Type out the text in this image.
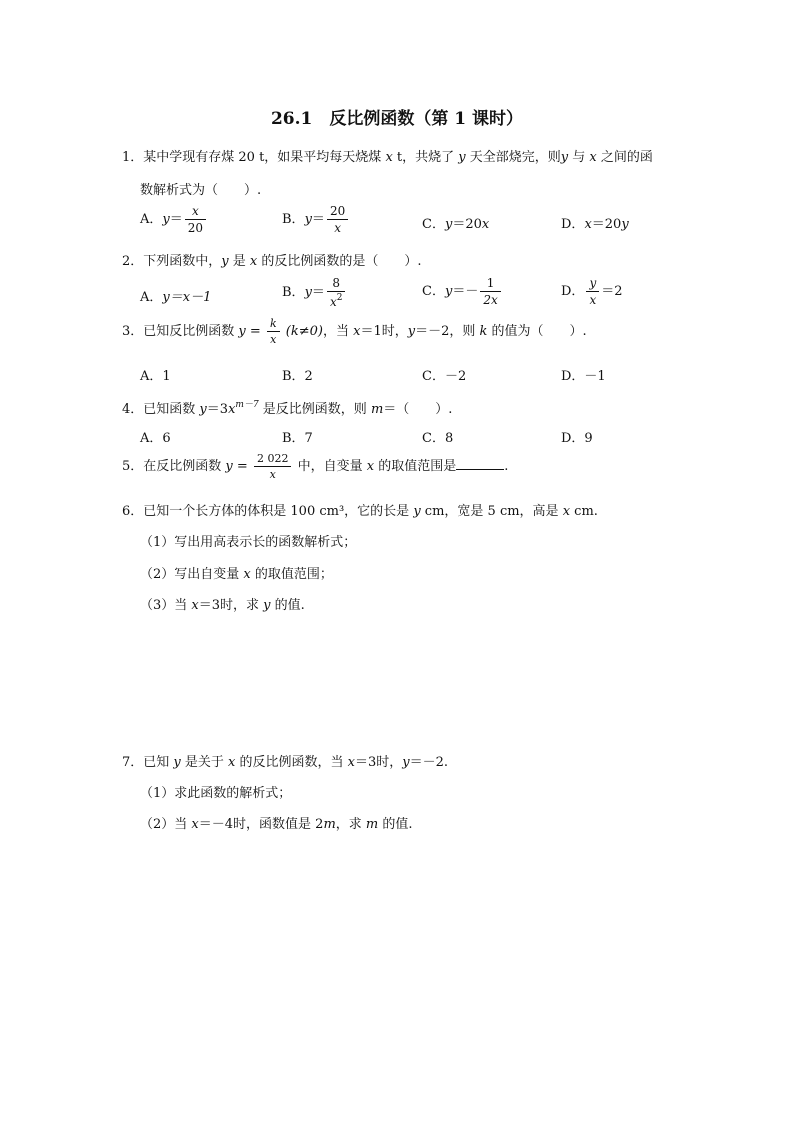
26.1　反比例函数（第 1 课时）
1．某中学现有存煤 20 t，如果平均每天烧煤 x t，共烧了 y 天全部烧完，则y 与 x 之间的函
数解析式为（　　）.
A．$y= \frac{x}{20}$	B．$y= \frac{20}{x}$	C．y＝20x	D．x＝20y
2．下列函数中，y 是 x 的反比例函数的是（　　）.
A．y＝x－1	B．$y= \frac{8}{x^2}$	C．$y=- \frac{1}{2x}$	D． $\frac{y}{x} =2$
3．已知反比例函数 $y = \frac{k}{x} (k\ne 0)$，当 x＝1时，y＝－2，则 k 的值为（　　）.
A．1	B．2	C．－2	D．－1
4．已知函数 $y=3x^{m-7}$ 是反比例函数，则 m＝（　　）.
A．6	B．7	C．8	D．9
5．在反比例函数 $y = \frac{2 022}{x}$ 中，自变量 x 的取值范围是	.
6．已知一个长方体的体积是 100 cm³，它的长是 y cm，宽是 5 cm，高是 x cm.
（1）写出用高表示长的函数解析式；
（2）写出自变量 x 的取值范围；
（3）当 x＝3时，求 y 的值.
7．已知 y 是关于 x 的反比例函数，当 x＝3时，y＝－2.
（1）求此函数的解析式；
（2）当 x＝－4时，函数值是 2m，求 m 的值.
